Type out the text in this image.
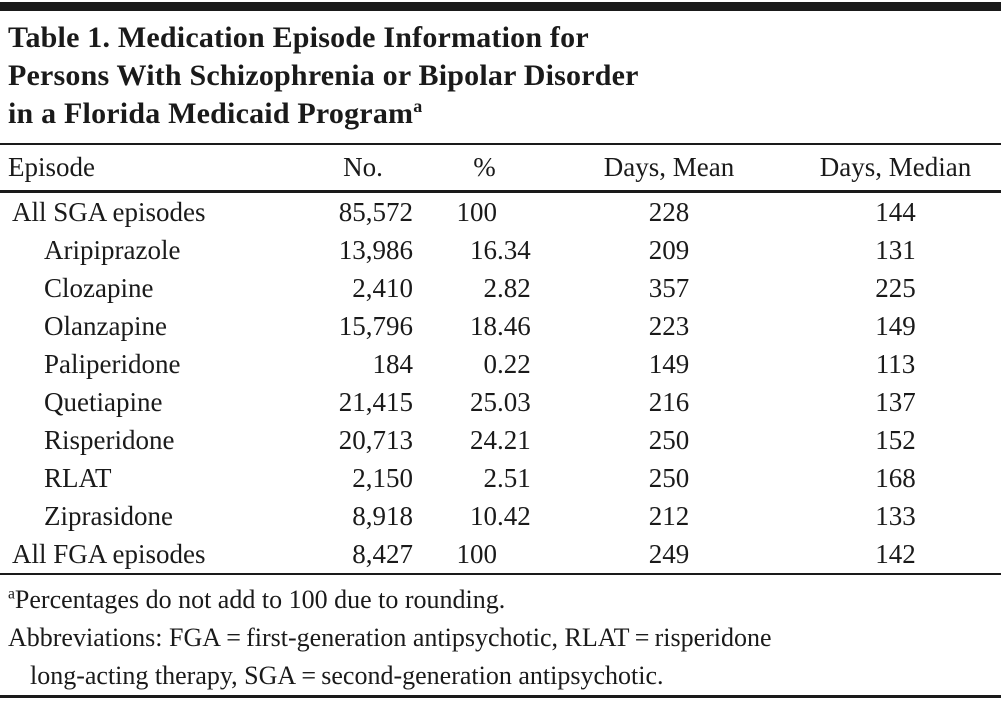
Table 1. Medication Episode Information for
Persons With Schizophrenia or Bipolar Disorder
in a Florida Medicaid Program$^a$
Episode	No.	%	Days, Mean	Days, Median
All SGA episodes	85,572	100	228	144
Aripiprazole	13,986	16.34	209	131
Clozapine	2,410	2.82	357	225
Olanzapine	15,796	18.46	223	149
Paliperidone	184	0.22	149	113
Quetiapine	21,415	25.03	216	137
Risperidone	20,713	24.21	250	152
RLAT	2,150	2.51	250	168
Ziprasidone	8,918	10.42	212	133
All FGA episodes	8,427	100	249	142

$^a$Percentages do not add to 100 due to rounding.

Abbreviations: FGA = first-generation antipsychotic, RLAT = risperidone
long-acting therapy, SGA = second-generation antipsychotic.
